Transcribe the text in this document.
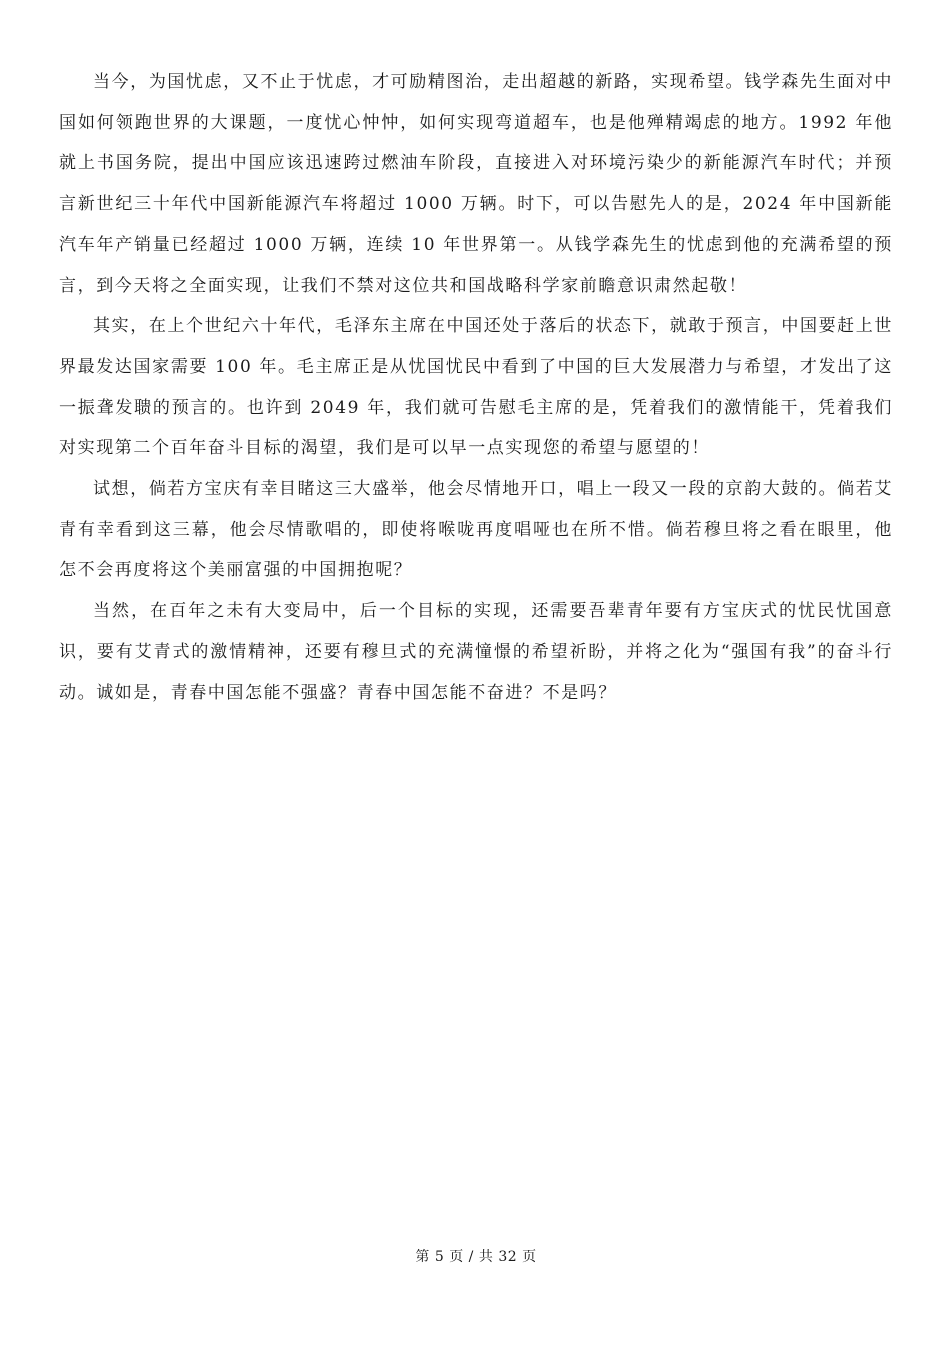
当今，为国忧虑，又不止于忧虑，才可励精图治，走出超越的新路，实现希望。钱学森先生面对中国如何领跑世界的大课题，一度忧心忡忡，如何实现弯道超车，也是他殚精竭虑的地方。1992 年他就上书国务院，提出中国应该迅速跨过燃油车阶段，直接进入对环境污染少的新能源汽车时代；并预言新世纪三十年代中国新能源汽车将超过 1000 万辆。时下，可以告慰先人的是，2024 年中国新能汽车年产销量已经超过 1000 万辆，连续 10 年世界第一。从钱学森先生的忧虑到他的充满希望的预言，到今天将之全面实现，让我们不禁对这位共和国战略科学家前瞻意识肃然起敬！

其实，在上个世纪六十年代，毛泽东主席在中国还处于落后的状态下，就敢于预言，中国要赶上世界最发达国家需要 100 年。毛主席正是从忧国忧民中看到了中国的巨大发展潜力与希望，才发出了这一振聋发聩的预言的。也许到 2049 年，我们就可告慰毛主席的是，凭着我们的激情能干，凭着我们对实现第二个百年奋斗目标的渴望，我们是可以早一点实现您的希望与愿望的！

试想，倘若方宝庆有幸目睹这三大盛举，他会尽情地开口，唱上一段又一段的京韵大鼓的。倘若艾青有幸看到这三幕，他会尽情歌唱的，即使将喉咙再度唱哑也在所不惜。倘若穆旦将之看在眼里，他怎不会再度将这个美丽富强的中国拥抱呢？

当然，在百年之未有大变局中，后一个目标的实现，还需要吾辈青年要有方宝庆式的忧民忧国意识，要有艾青式的激情精神，还要有穆旦式的充满憧憬的希望祈盼，并将之化为“强国有我”的奋斗行动。诚如是，青春中国怎能不强盛？青春中国怎能不奋进？不是吗？

第 5 页 / 共 32 页
